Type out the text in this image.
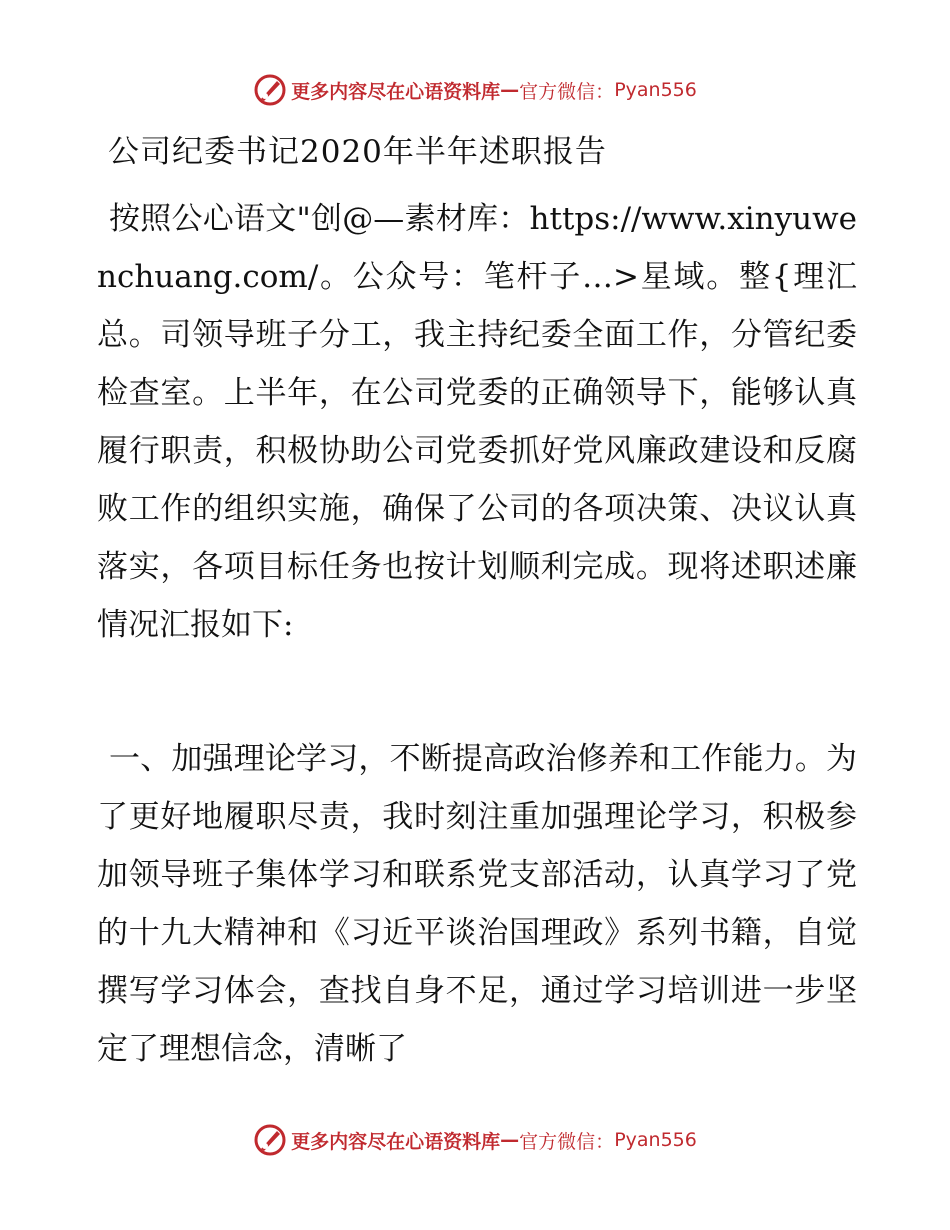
更多内容尽在心语资料库 — 官方微信： Pyan556
公司纪委书记2020年半年述职报告

按照公心语文"创@—素材库：https://www.xinyuwenchuang.com/。公众号：笔杆子…>星域。整{理汇总。司领导班子分工，我主持纪委全面工作，分管纪委检查室。上半年，在公司党委的正确领导下，能够认真履行职责，积极协助公司党委抓好党风廉政建设和反腐败工作的组织实施，确保了公司的各项决策、决议认真落实，各项目标任务也按计划顺利完成。现将述职述廉情况汇报如下:

一、加强理论学习，不断提高政治修养和工作能力。为了更好地履职尽责，我时刻注重加强理论学习，积极参加领导班子集体学习和联系党支部活动，认真学习了党的十九大精神和《习近平谈治国理政》系列书籍，自觉撰写学习体会，查找自身不足，通过学习培训进一步坚定了理想信念，清晰了

更多内容尽在心语资料库 — 官方微信： Pyan556
